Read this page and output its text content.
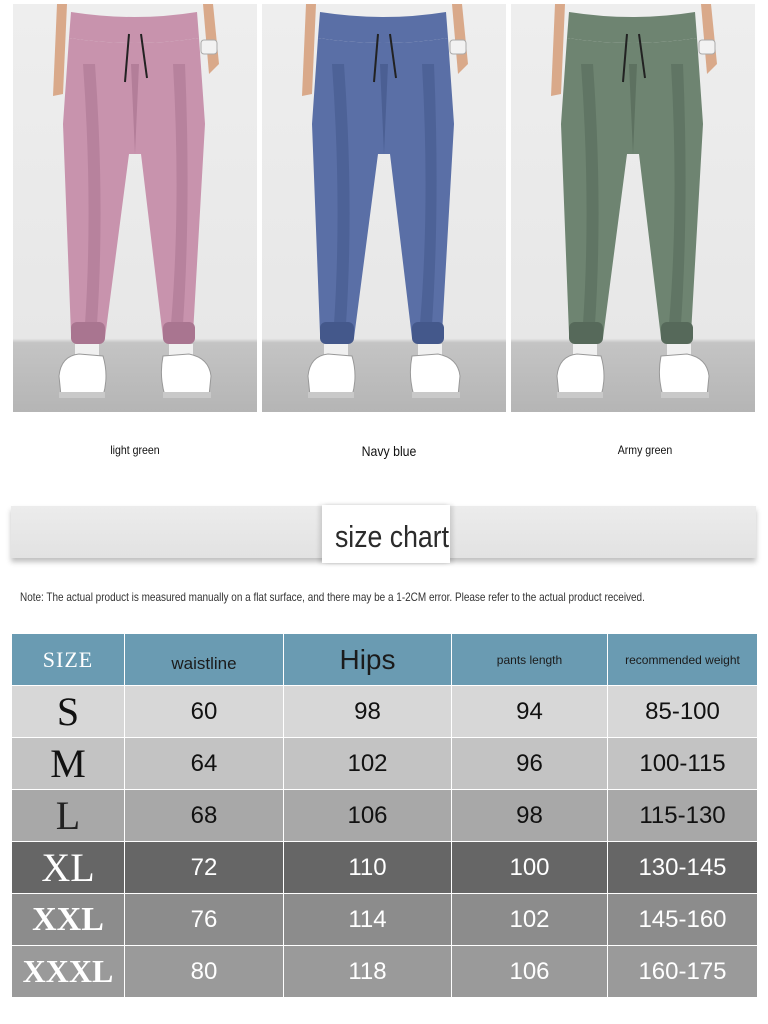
light green	Navy blue	Army green
size chart
Note: The actual product is measured manually on a flat surface, and there may be a 1-2CM error. Please refer to the actual product received.
SIZE	waistline	Hips	pants length	recommended weight
S	60	98	94	85-100
M	64	102	96	100-115
L	68	106	98	115-130
XL	72	110	100	130-145
XXL	76	114	102	145-160
XXXL	80	118	106	160-175
